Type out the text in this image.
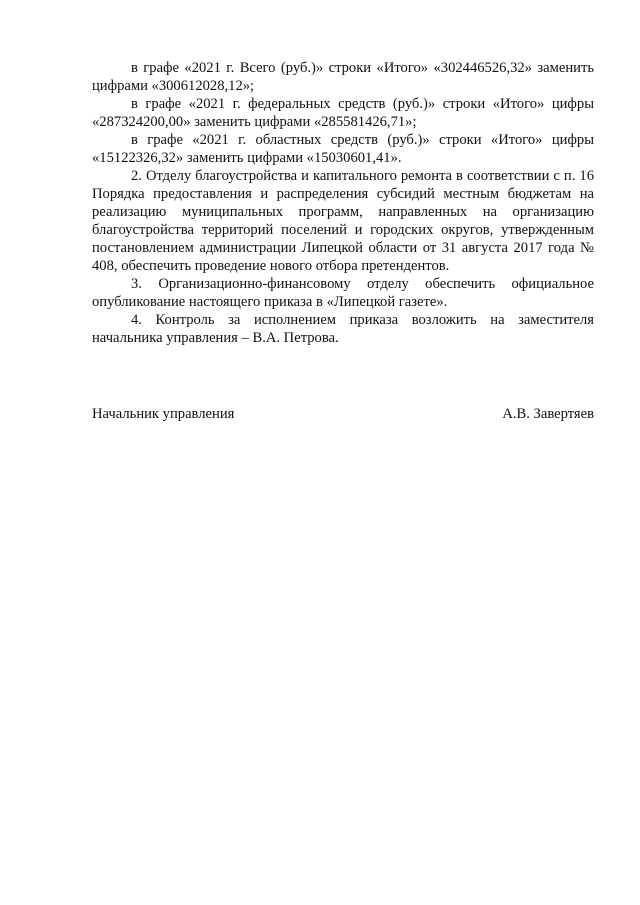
в графе «2021 г. Всего (руб.)» строки «Итого» «302446526,32» заменить цифрами «300612028,12»;

в графе «2021 г. федеральных средств (руб.)» строки «Итого» цифры «287324200,00» заменить цифрами «285581426,71»;

в графе «2021 г. областных средств (руб.)» строки «Итого» цифры «15122326,32» заменить цифрами «15030601,41».

2. Отделу благоустройства и капитального ремонта в соответствии с п. 16 Порядка предоставления и распределения субсидий местным бюджетам на реализацию муниципальных программ, направленных на организацию благоустройства территорий поселений и городских округов, утвержденным постановлением администрации Липецкой области от 31 августа 2017 года № 408, обеспечить проведение нового отбора претендентов.

3. Организационно-финансовому отделу обеспечить официальное опубликование настоящего приказа в «Липецкой газете».

4. Контроль за исполнением приказа возложить на заместителя начальника управления – В.А. Петрова.

Начальник управления	А.В. Завертяев
